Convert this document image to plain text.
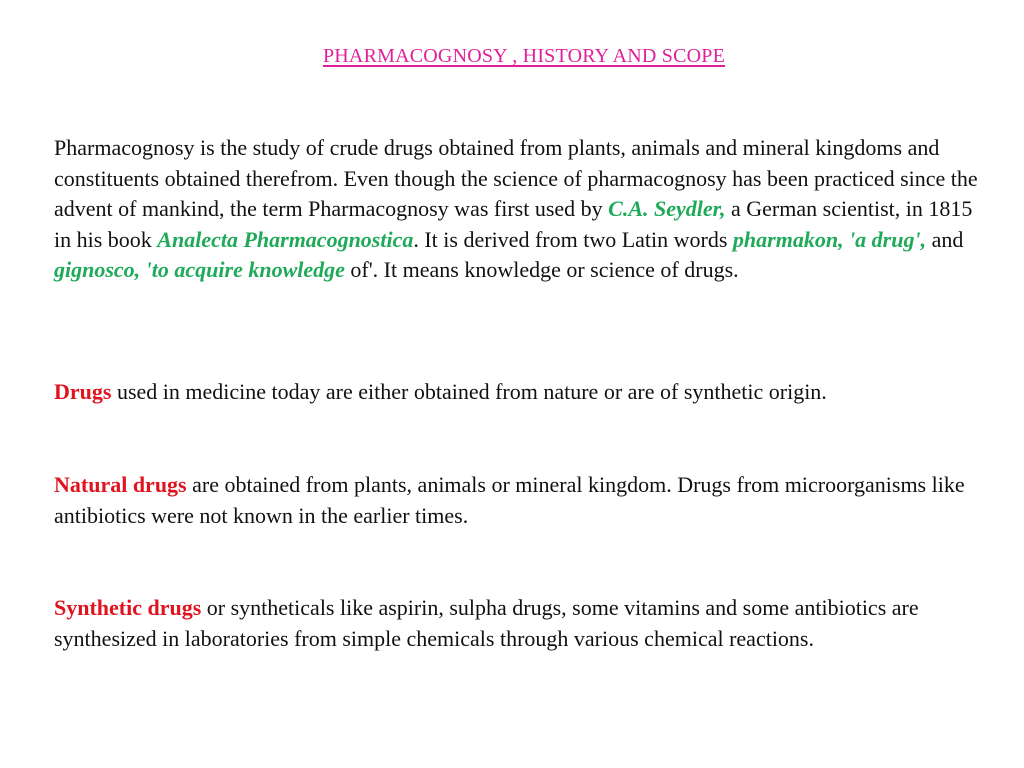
PHARMACOGNOSY , HISTORY AND SCOPE

Pharmacognosy is the study of crude drugs obtained from plants, animals and mineral kingdoms and constituents obtained therefrom. Even though the science of pharmacognosy has been practiced since the advent of mankind, the term Pharmacognosy was first used by C.A. Seydler, a German scientist, in 1815 in his book Analecta Pharmacognostica. It is derived from two Latin words pharmakon, 'a drug', and gignosco, 'to acquire knowledge of'. It means knowledge or science of drugs.

Drugs used in medicine today are either obtained from nature or are of synthetic origin.

Natural drugs are obtained from plants, animals or mineral kingdom. Drugs from microorganisms like antibiotics were not known in the earlier times.

Synthetic drugs or syntheticals like aspirin, sulpha drugs, some vitamins and some antibiotics are synthesized in laboratories from simple chemicals through various chemical reactions.
